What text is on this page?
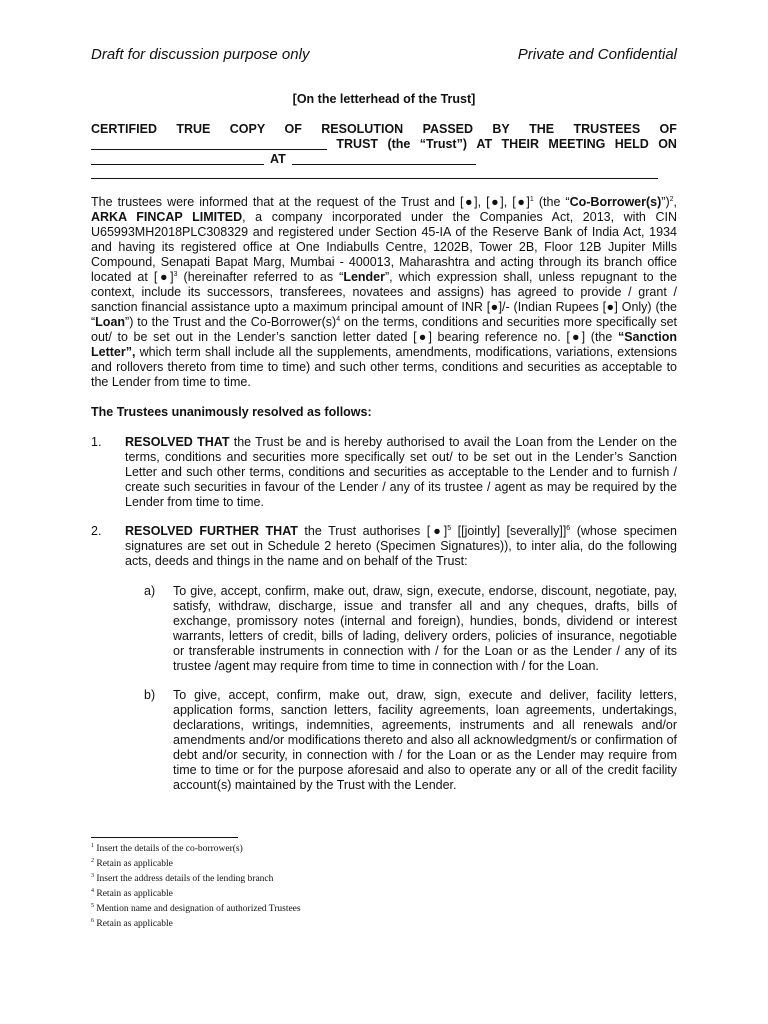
Draft for discussion purpose only	Private and Confidential
[On the letterhead of the Trust]
CERTIFIED TRUE COPY OF RESOLUTION PASSED BY THE TRUSTEES OF
TRUST (the “Trust”) AT THEIR MEETING HELD ON
AT

The trustees were informed that at the request of the Trust and [●], [●], [●]$^1$ (the “Co-Borrower(s)”)$^2$, ARKA FINCAP LIMITED, a company incorporated under the Companies Act, 2013, with CIN U65993MH2018PLC308329 and registered under Section 45-IA of the Reserve Bank of India Act, 1934 and having its registered office at One Indiabulls Centre, 1202B, Tower 2B, Floor 12B Jupiter Mills Compound, Senapati Bapat Marg, Mumbai - 400013, Maharashtra and acting through its branch office located at [●]$^3$ (hereinafter referred to as “Lender”, which expression shall, unless repugnant to the context, include its successors, transferees, novatees and assigns) has agreed to provide / grant / sanction financial assistance upto a maximum principal amount of INR [●]/- (Indian Rupees [●] Only) (the “Loan”) to the Trust and the $Co-Borrower(s)^4$ on the terms, conditions and securities more specifically set out/ to be set out in the Lender’s sanction letter dated [●] bearing reference no. [●] (the “Sanction Letter”, which term shall include all the supplements, amendments, modifications, variations, extensions and rollovers thereto from time to time) and such other terms, conditions and securities as acceptable to the Lender from time to time.

The Trustees unanimously resolved as follows:
1. RESOLVED THAT the Trust be and is hereby authorised to avail the Loan from the Lender on the terms, conditions and securities more specifically set out/ to be set out in the Lender’s Sanction Letter and such other terms, conditions and securities as acceptable to the Lender and to furnish / create such securities in favour of the Lender / any of its trustee / agent as may be required by the Lender from time to time.

2. RESOLVED FURTHER THAT the Trust authorises [●]$^5$ [[jointly] [severally]]$^6$ (whose specimen signatures are set out in Schedule 2 hereto (Specimen Signatures)), to inter alia, do the following acts, deeds and things in the name and on behalf of the Trust:

a) To give, accept, confirm, make out, draw, sign, execute, endorse, discount, negotiate, pay, satisfy, withdraw, discharge, issue and transfer all and any cheques, drafts, bills of exchange, promissory notes (internal and foreign), hundies, bonds, dividend or interest warrants, letters of credit, bills of lading, delivery orders, policies of insurance, negotiable or transferable instruments in connection with / for the Loan or as the Lender / any of its trustee /agent may require from time to time in connection with / for the Loan.

b) To give, accept, confirm, make out, draw, sign, execute and deliver, facility letters, application forms, sanction letters, facility agreements, loan agreements, undertakings, declarations, writings, indemnities, agreements, instruments and all renewals and/or amendments and/or modifications thereto and also all acknowledgment/s or confirmation of debt and/or security, in connection with / for the Loan or as the Lender may require from time to time or for the purpose aforesaid and also to operate any or all of the credit facility account(s) maintained by the Trust with the Lender.

$^1$ Insert the details of the co-borrower(s)
$^2$ Retain as applicable
$^3$ Insert the address details of the lending branch
$^4$ Retain as applicable
$^5$ Mention name and designation of authorized Trustees
$^6$ Retain as applicable
